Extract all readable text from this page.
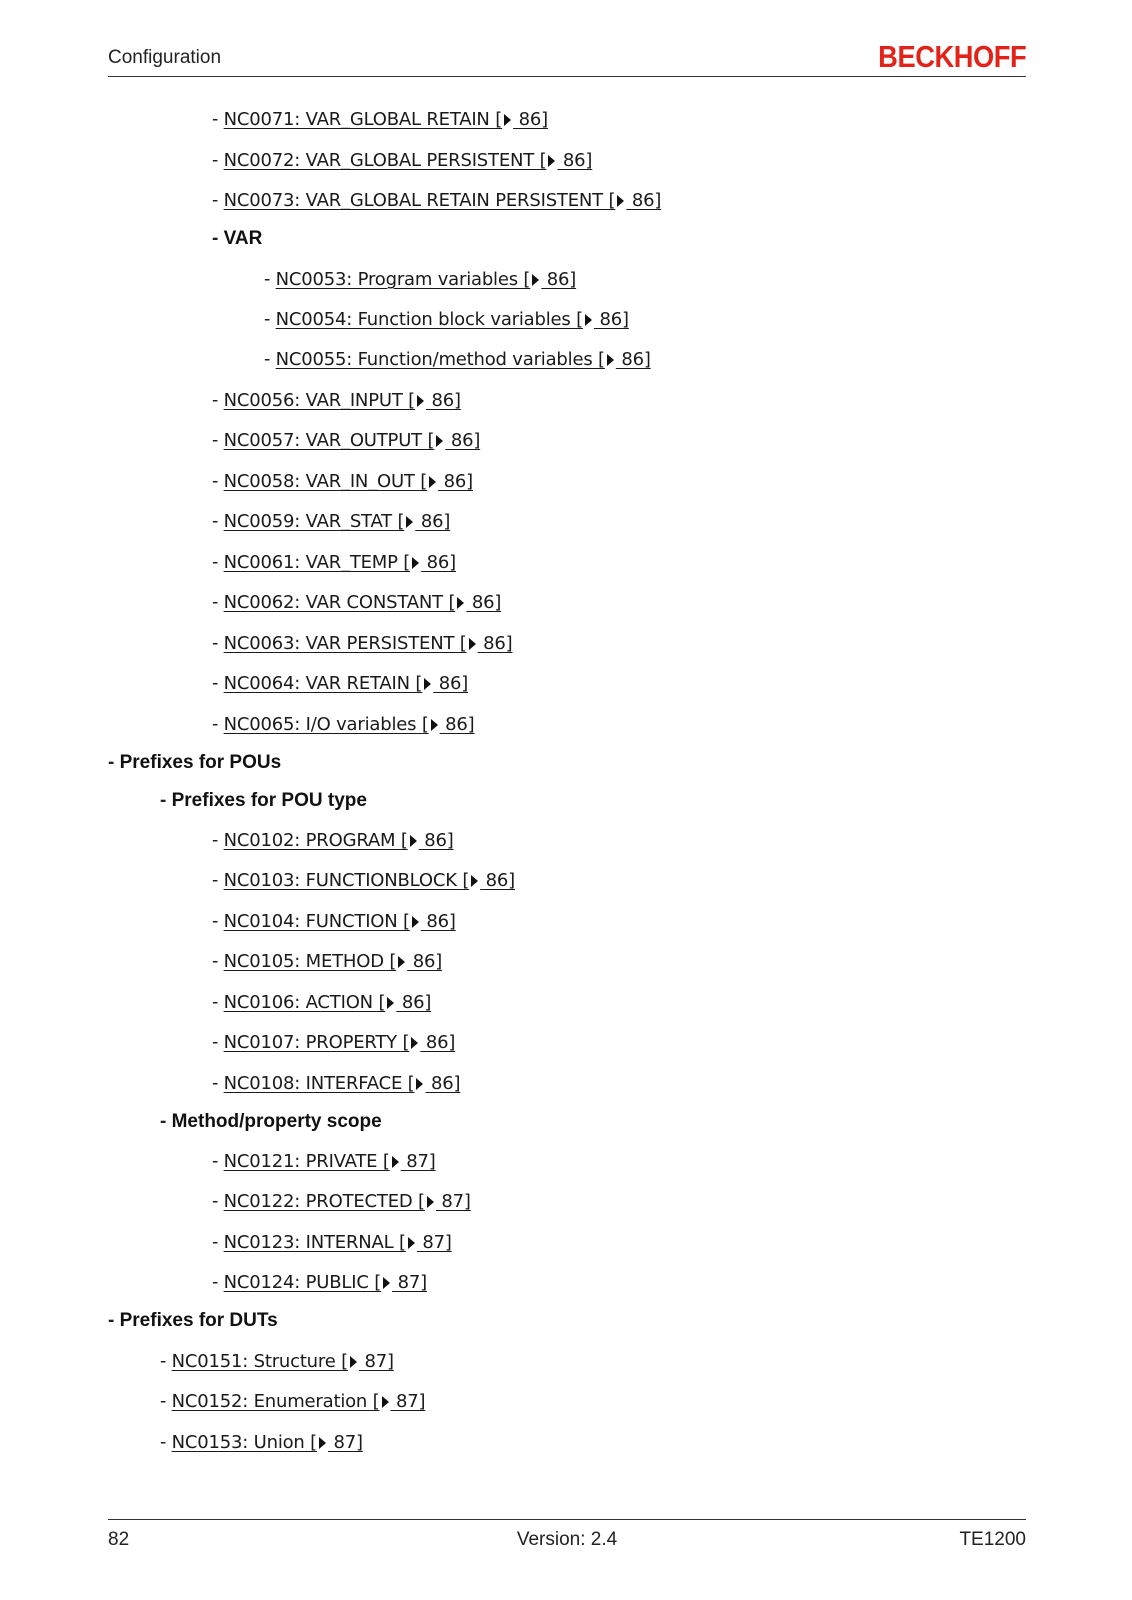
Configuration	BECKHOFF
- NC0071: VAR_GLOBAL RETAIN [ 86]
- NC0072: VAR_GLOBAL PERSISTENT [ 86]
- NC0073: VAR_GLOBAL RETAIN PERSISTENT [ 86]
- VAR
- NC0053: Program variables [ 86]
- NC0054: Function block variables [ 86]
- NC0055: Function/method variables [ 86]
- NC0056: VAR_INPUT [ 86]
- NC0057: VAR_OUTPUT [ 86]
- NC0058: VAR_IN_OUT [ 86]
- NC0059: VAR_STAT [ 86]
- NC0061: VAR_TEMP [ 86]
- NC0062: VAR CONSTANT [ 86]
- NC0063: VAR PERSISTENT [ 86]
- NC0064: VAR RETAIN [ 86]
- NC0065: I/O variables [ 86]
- Prefixes for POUs
- Prefixes for POU type
- NC0102: PROGRAM [ 86]
- NC0103: FUNCTIONBLOCK [ 86]
- NC0104: FUNCTION [ 86]
- NC0105: METHOD [ 86]
- NC0106: ACTION [ 86]
- NC0107: PROPERTY [ 86]
- NC0108: INTERFACE [ 86]
- Method/property scope
- NC0121: PRIVATE [ 87]
- NC0122: PROTECTED [ 87]
- NC0123: INTERNAL [ 87]
- NC0124: PUBLIC [ 87]
- Prefixes for DUTs
- NC0151: Structure [ 87]
- NC0152: Enumeration [ 87]
- NC0153: Union [ 87]
82	Version: 2.4	TE1200
